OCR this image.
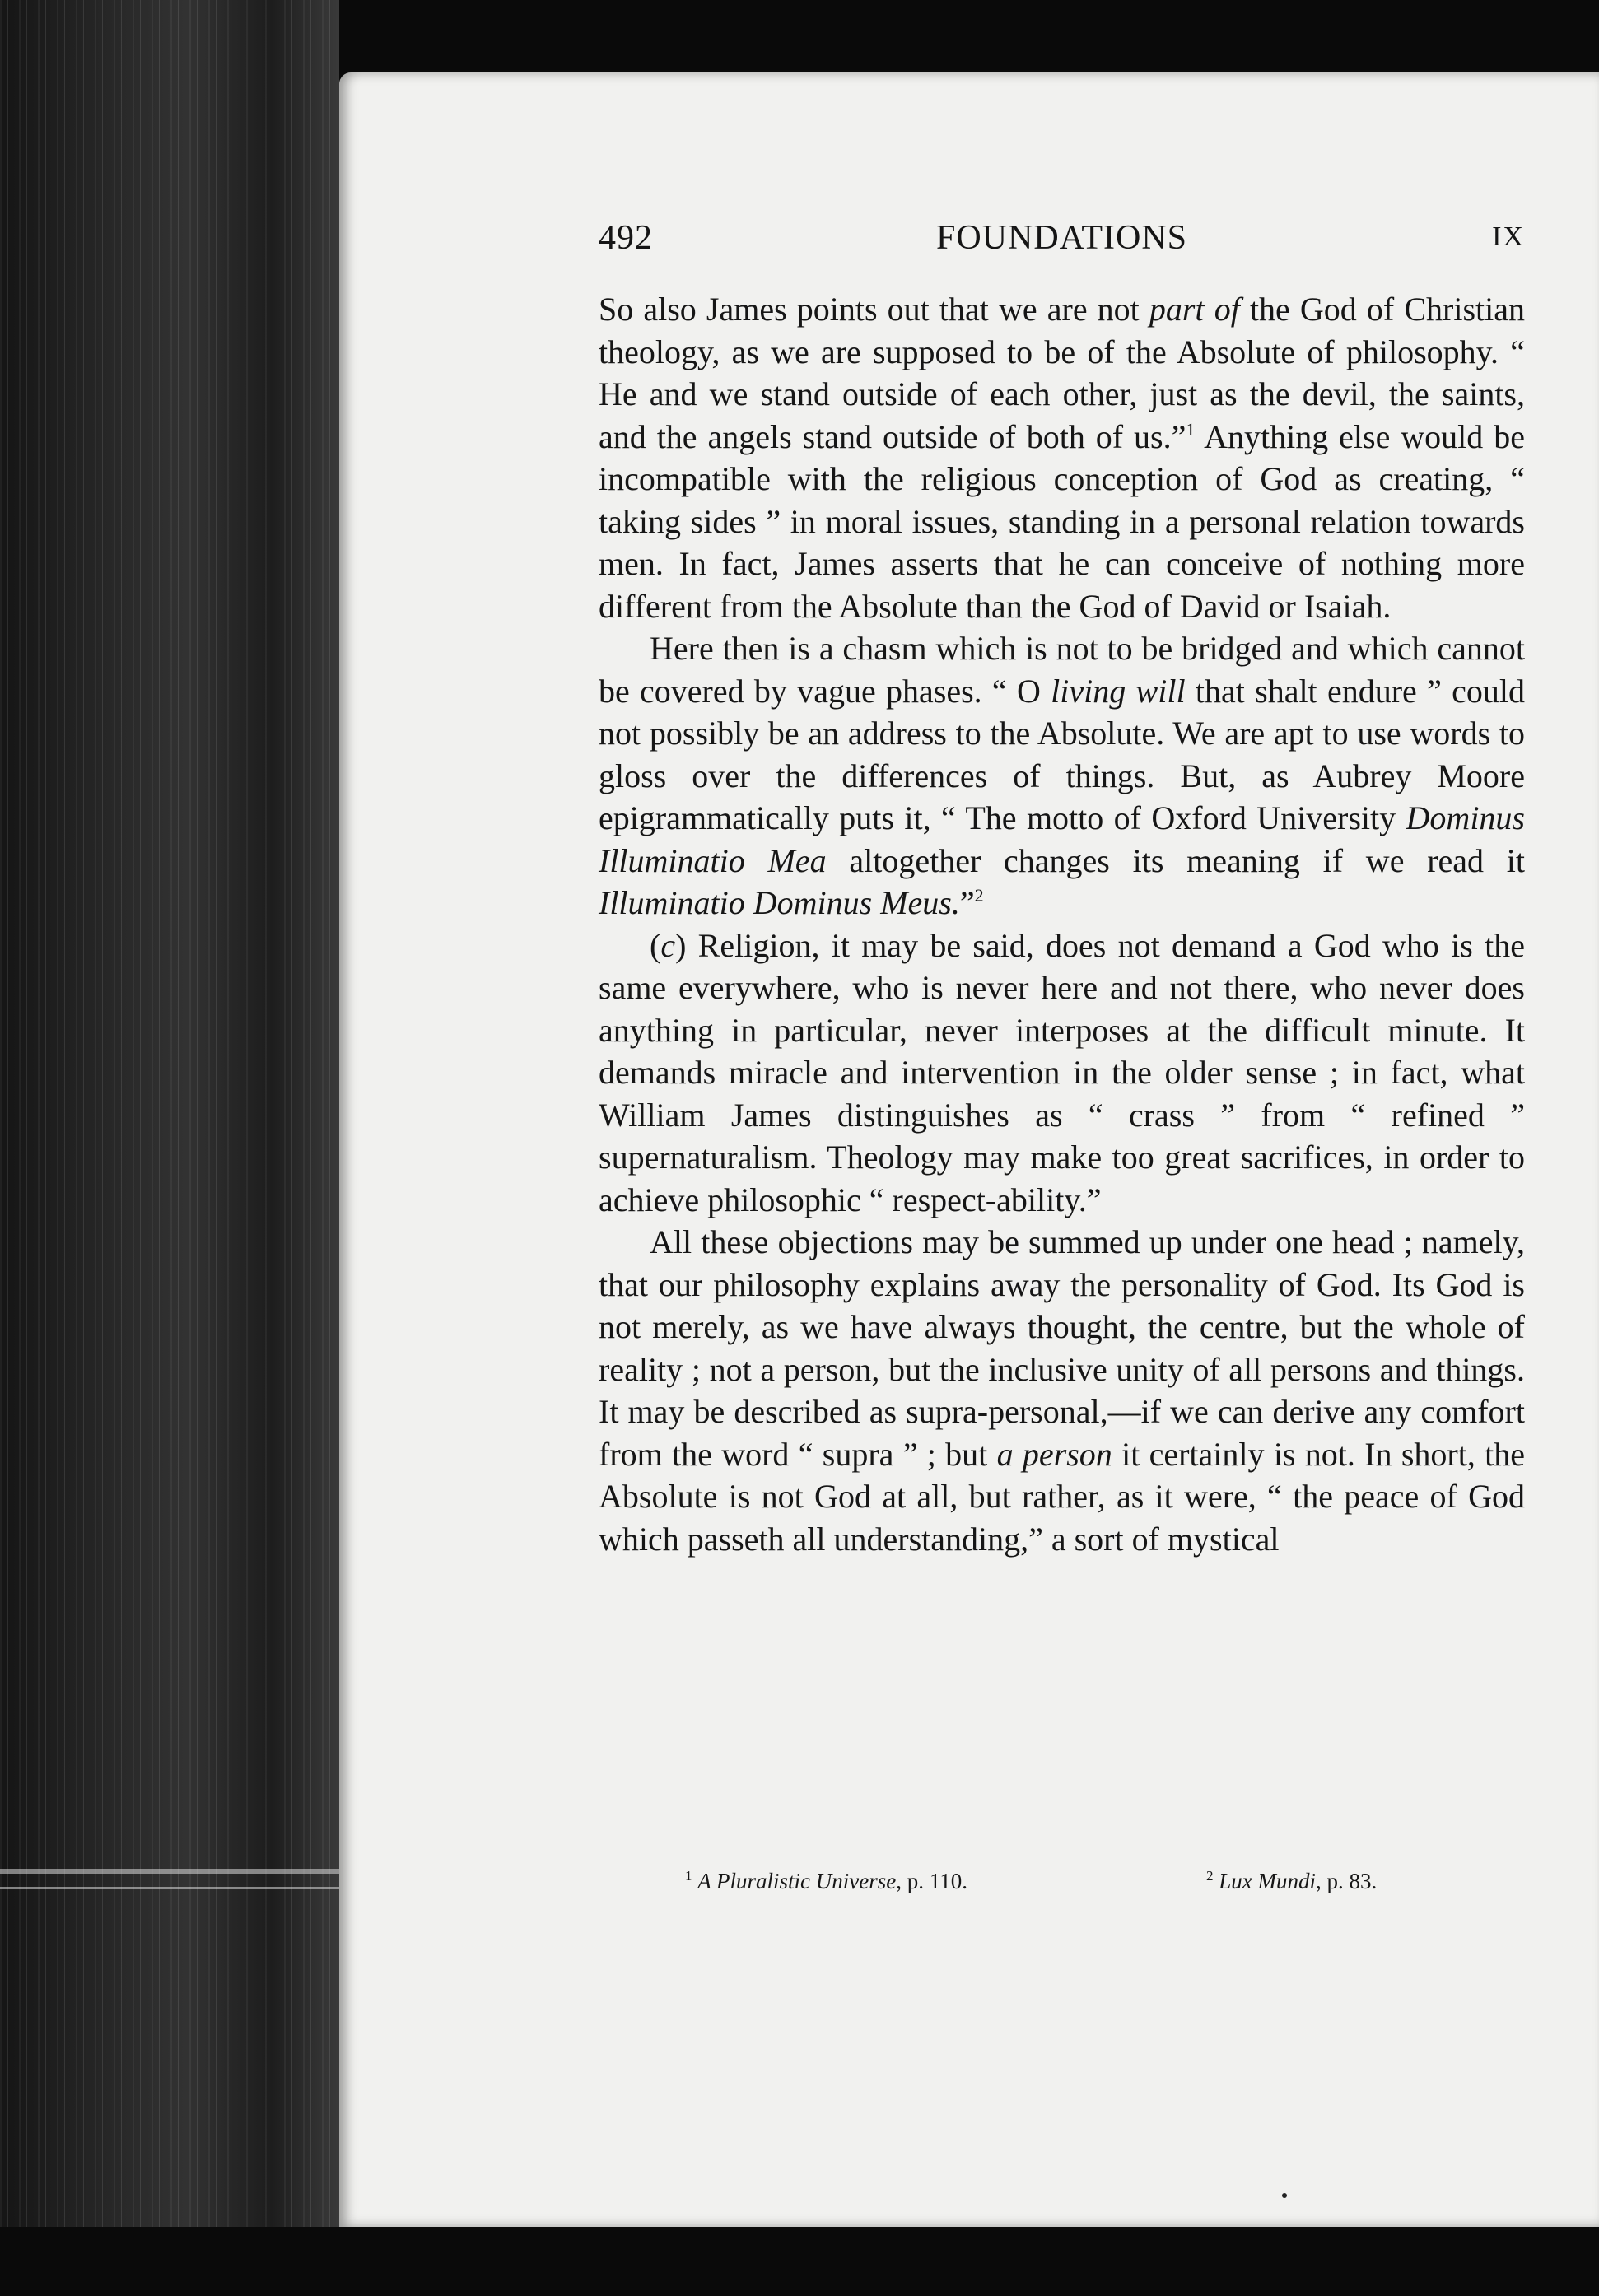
492	FOUNDATIONS	IX

So also James points out that we are not part of the God of Christian theology, as we are supposed to be of the Absolute of philosophy. “ He and we stand outside of each other, just as the devil, the saints, and the angels stand outside of both of us.”$^1$ Anything else would be incompatible with the religious conception of God as creating, “ taking sides ” in moral issues, standing in a personal relation towards men. In fact, James asserts that he can conceive of nothing more different from the Absolute than the God of David or Isaiah.

Here then is a chasm which is not to be bridged and which cannot be covered by vague phases. “ O living will that shalt endure ” could not possibly be an address to the Absolute. We are apt to use words to gloss over the differences of things. But, as Aubrey Moore epigrammatically puts it, “ The motto of Oxford University Dominus Illuminatio Mea altogether changes its meaning if we read it Illuminatio Dominus Meus.”$^2$

(c) Religion, it may be said, does not demand a God who is the same everywhere, who is never here and not there, who never does anything in particular, never interposes at the difficult minute. It demands miracle and intervention in the older sense ; in fact, what William James distinguishes as “ crass ” from “ refined ” supernaturalism. Theology may make too great sacrifices, in order to achieve philosophic “ respect-ability.”

All these objections may be summed up under one head ; namely, that our philosophy explains away the personality of God. Its God is not merely, as we have always thought, the centre, but the whole of reality ; not a person, but the inclusive unity of all persons and things. It may be described as supra-personal,—if we can derive any comfort from the word “ supra ” ; but a person it certainly is not. In short, the Absolute is not God at all, but rather, as it were, “ the peace of God which passeth all understanding,” a sort of mystical

$^1$ A Pluralistic Universe, p. 110.	$^2$ Lux Mundi, p. 83.
